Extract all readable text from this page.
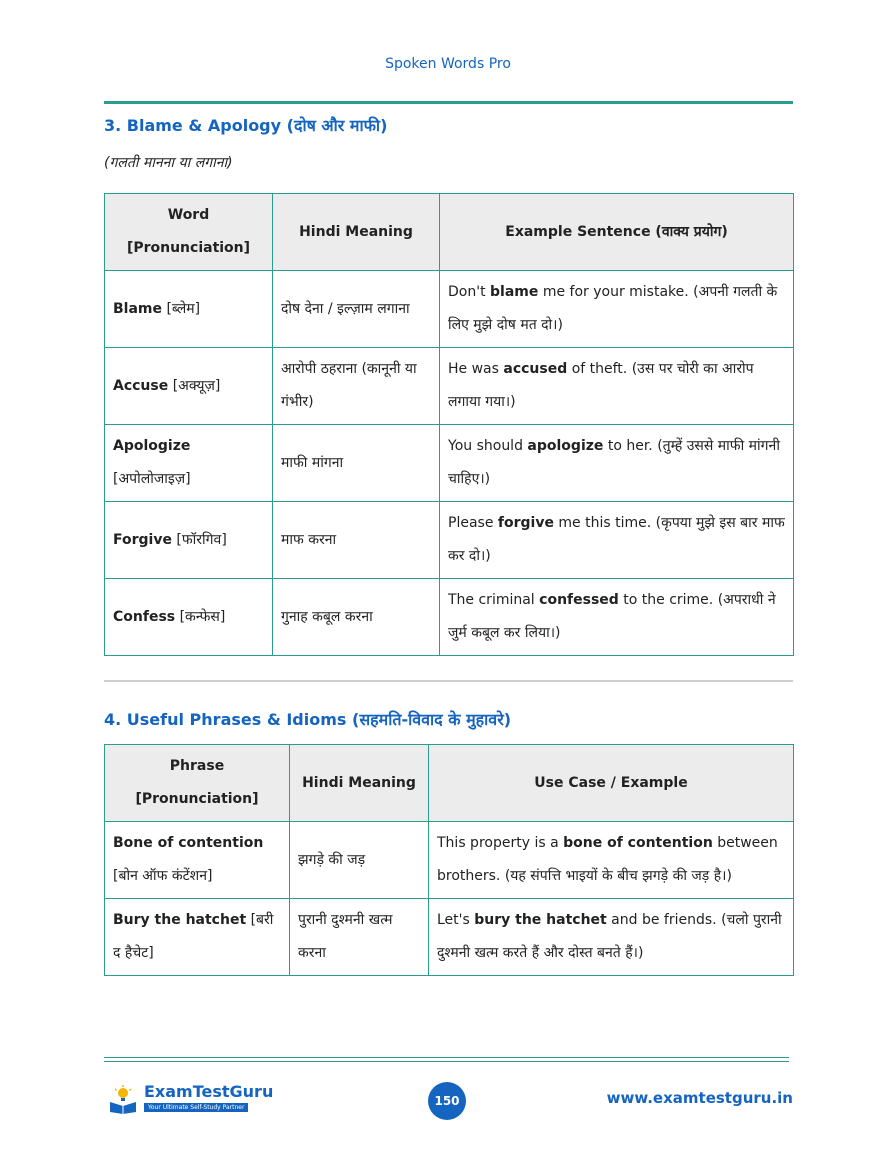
Spoken Words Pro
3. Blame & Apology (दोष और माफी)
(गलती मानना या लगाना)
Word
[Pronunciation]	Hindi Meaning	Example Sentence (वाक्य प्रयोग)
Blame [ब्लेम]	दोष देना / इल्ज़ाम लगाना	Don't blame me for your mistake. (अपनी गलती के लिए मुझे दोष मत दो।)
Accuse [अक्यूज़]	आरोपी ठहराना (कानूनी या गंभीर)	He was accused of theft. (उस पर चोरी का आरोप लगाया गया।)
Apologize
[अपोलोजाइज़]	माफी मांगना	You should apologize to her. (तुम्हें उससे माफी मांगनी चाहिए।)
Forgive [फॉरगिव]	माफ करना	Please forgive me this time. (कृपया मुझे इस बार माफ कर दो।)
Confess [कन्फेस]	गुनाह कबूल करना	The criminal confessed to the crime. (अपराधी ने जुर्म कबूल कर लिया।)
4. Useful Phrases & Idioms (सहमति-विवाद के मुहावरे)
Phrase
[Pronunciation]	Hindi Meaning	Use Case / Example
Bone of contention
[बोन ऑफ कंटेंशन]	झगड़े की जड़	This property is a bone of contention between brothers. (यह संपत्ति भाइयों के बीच झगड़े की जड़ है।)
Bury the hatchet [बरी द हैचेट]	पुरानी दुश्मनी खत्म करना	Let's bury the hatchet and be friends. (चलो पुरानी दुश्मनी खत्म करते हैं और दोस्त बनते हैं।)
ExamTestGuru
Your Ultimate Self-Study Partner	150	www.examtestguru.in
